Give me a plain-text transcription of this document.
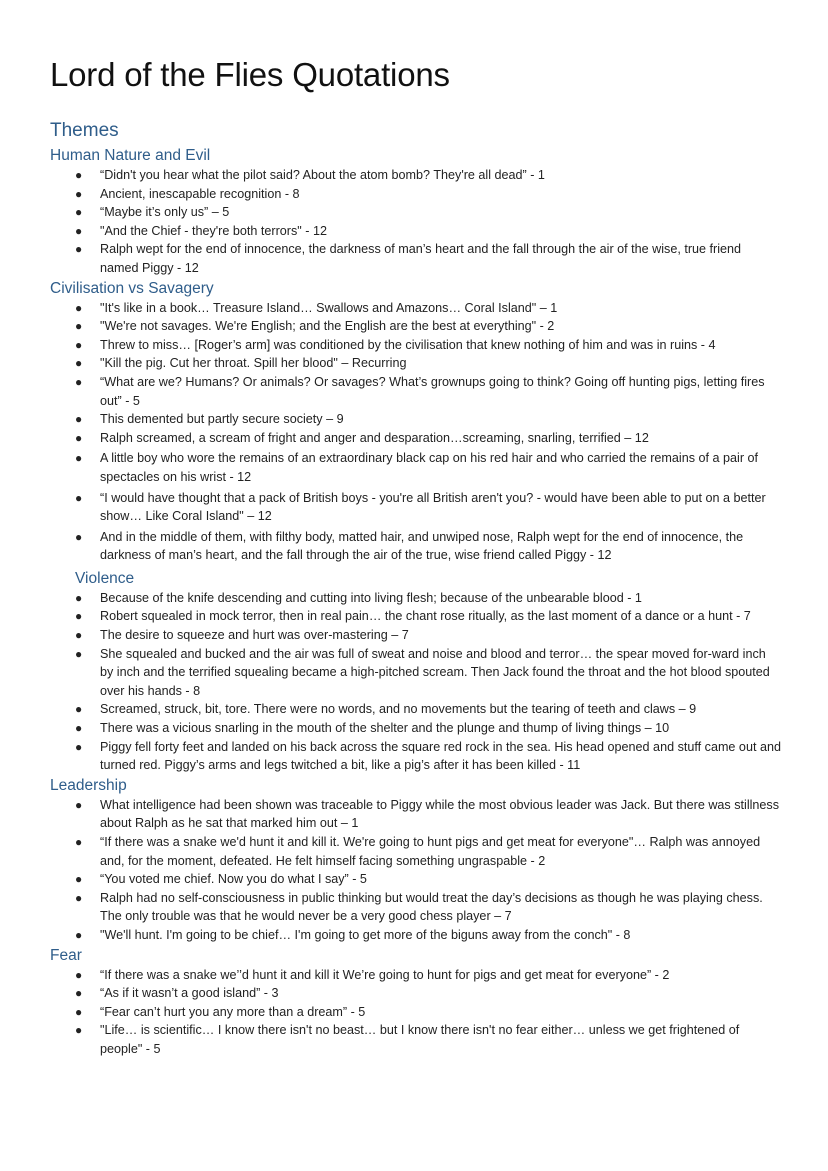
Lord of the Flies Quotations
Themes
Human Nature and Evil
● “Didn't you hear what the pilot said? About the atom bomb? They're all dead” - 1
● Ancient, inescapable recognition - 8
● “Maybe it’s only us” – 5
● "And the Chief - they're both terrors" - 12
● Ralph wept for the end of innocence, the darkness of man’s heart and the fall through the air of the wise, true friend named Piggy - 12
Civilisation vs Savagery
● "It's like in a book… Treasure Island… Swallows and Amazons… Coral Island" – 1
● "We're not savages. We're English; and the English are the best at everything" - 2
● Threw to miss… [Roger’s arm] was conditioned by the civilisation that knew nothing of him and was in ruins - 4
● "Kill the pig. Cut her throat. Spill her blood" – Recurring
● “What are we? Humans? Or animals? Or savages? What’s grownups going to think? Going off hunting pigs, letting fires out” - 5
● This demented but partly secure society – 9
● Ralph screamed, a scream of fright and anger and desparation…screaming, snarling, terrified – 12
● A little boy who wore the remains of an extraordinary black cap on his red hair and who carried the remains of a pair of spectacles on his wrist - 12
● “I would have thought that a pack of British boys - you're all British aren't you? - would have been able to put on a better show… Like Coral Island" – 12
● And in the middle of them, with filthy body, matted hair, and unwiped nose, Ralph wept for the end of innocence, the darkness of man’s heart, and the fall through the air of the true, wise friend called Piggy - 12
Violence
● Because of the knife descending and cutting into living flesh; because of the unbearable blood - 1
● Robert squealed in mock terror, then in real pain… the chant rose ritually, as the last moment of a dance or a hunt - 7
● The desire to squeeze and hurt was over-mastering – 7
● She squealed and bucked and the air was full of sweat and noise and blood and terror… the spear moved for-ward inch by inch and the terrified squealing became a high-pitched scream. Then Jack found the throat and the hot blood spouted over his hands - 8
● Screamed, struck, bit, tore. There were no words, and no movements but the tearing of teeth and claws – 9
● There was a vicious snarling in the mouth of the shelter and the plunge and thump of living things – 10
● Piggy fell forty feet and landed on his back across the square red rock in the sea. His head opened and stuff came out and turned red. Piggy’s arms and legs twitched a bit, like a pig’s after it has been killed - 11
Leadership
● What intelligence had been shown was traceable to Piggy while the most obvious leader was Jack. But there was stillness about Ralph as he sat that marked him out – 1
● “If there was a snake we'd hunt it and kill it. We're going to hunt pigs and get meat for everyone"… Ralph was annoyed and, for the moment, defeated. He felt himself facing something ungraspable - 2
● “You voted me chief. Now you do what I say” - 5
● Ralph had no self-consciousness in public thinking but would treat the day’s decisions as though he was playing chess. The only trouble was that he would never be a very good chess player – 7
● "We'll hunt. I'm going to be chief… I'm going to get more of the biguns away from the conch" - 8
Fear
● “If there was a snake we’’d hunt it and kill it We’re going to hunt for pigs and get meat for everyone” - 2
● “As if it wasn’t a good island” - 3
● “Fear can’t hurt you any more than a dream” - 5
● "Life… is scientific… I know there isn't no beast… but I know there isn't no fear either… unless we get frightened of people" - 5
